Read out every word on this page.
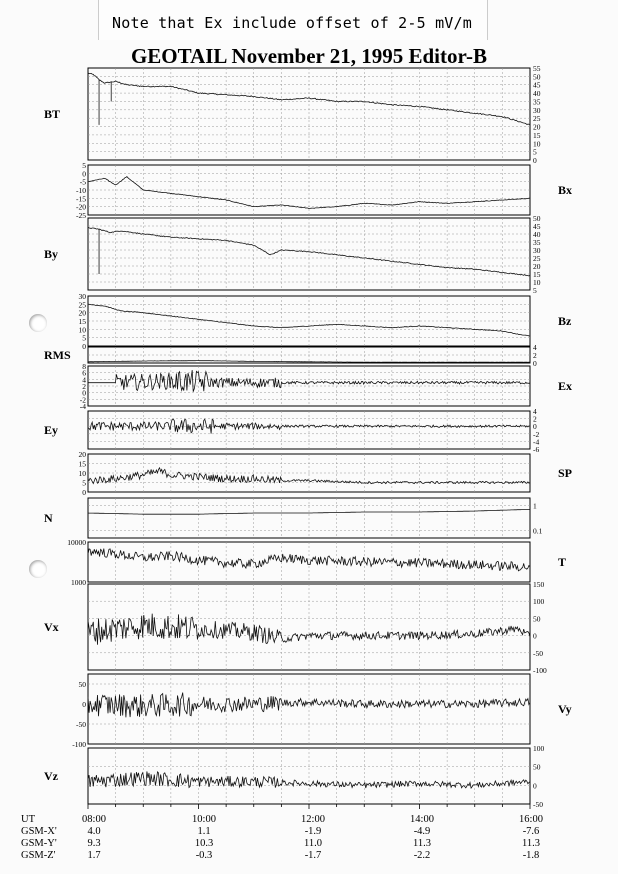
Note that Ex include offset of 2-5 mV/m
GEOTAIL November 21, 1995 Editor-B
0
5
10
15
20
25
30
35
40
45
50
55
BT
5
0
-5
-10
-15
-20
-25
Bx
5
10
15
20
25
30
35
40
45
50
By
30
25
20
15
10
5
0
Bz
4
2
0
RMS
8
6
4
2
0
-2
-4
Ex
4
2
0
-2
-4
-6
Ey
20
15
10
5
0
SP
1
0.1
N
10000
1000
T
150
100
50
0
-50
-100
Vx
50
0
-50
-100
Vy
100
50
0
-50
Vz
UT
GSM-X'
GSM-Y'
GSM-Z'
08:00
4.0
9.3
1.7
10:00
1.1
10.3
-0.3
12:00
-1.9
11.0
-1.7
14:00
-4.9
11.3
-2.2
16:00
-7.6
11.3
-1.8
